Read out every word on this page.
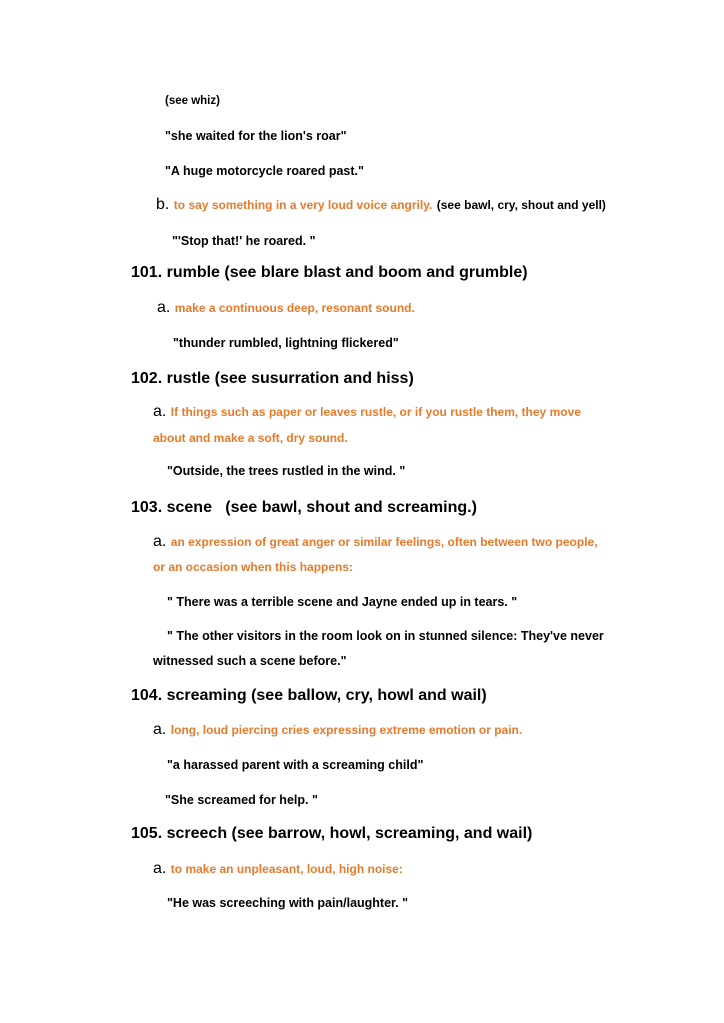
(see whiz)
"she waited for the lion's roar"
"A huge motorcycle roared past."
b. to say something in a very loud voice angrily. (see bawl, cry, shout and yell)
"'Stop that!' he roared. "
101. rumble (see blare blast and boom and grumble)
a. make a continuous deep, resonant sound.
"thunder rumbled, lightning flickered"
102. rustle (see susurration and hiss)
a. If things such as paper or leaves rustle, or if you rustle them, they move
about and make a soft, dry sound.
"Outside, the trees rustled in the wind. "
103. scene   (see bawl, shout and screaming.)
a. an expression of great anger or similar feelings, often between two people,
or an occasion when this happens:
" There was a terrible scene and Jayne ended up in tears. "
" The other visitors in the room look on in stunned silence: They've never
witnessed such a scene before."
104. screaming (see ballow, cry, howl and wail)
a. long, loud piercing cries expressing extreme emotion or pain.
"a harassed parent with a screaming child"
"She screamed for help. "
105. screech (see barrow, howl, screaming, and wail)
a. to make an unpleasant, loud, high noise:
"He was screeching with pain/laughter. "
